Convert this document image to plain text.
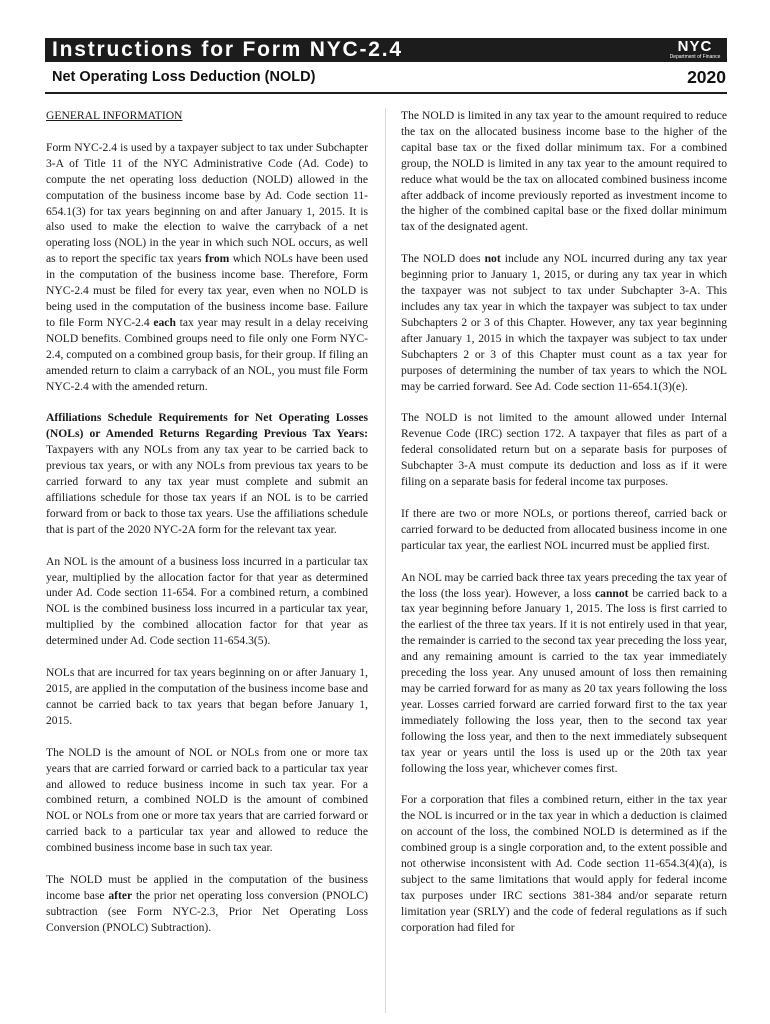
Instructions for Form NYC-2.4	NYC
Department of Finance
Net Operating Loss Deduction (NOLD)	2020

GENERAL INFORMATION

Form NYC-2.4 is used by a taxpayer subject to tax under Subchapter 3-A of Title 11 of the NYC Administrative Code (Ad. Code) to compute the net operating loss deduction (NOLD) allowed in the computation of the business income base by Ad. Code section 11-654.1(3) for tax years beginning on and after January 1, 2015. It is also used to make the election to waive the carryback of a net operating loss (NOL) in the year in which such NOL occurs, as well as to report the specific tax years from which NOLs have been used in the computation of the business income base. Therefore, Form NYC-2.4 must be filed for every tax year, even when no NOLD is being used in the computation of the business income base. Failure to file Form NYC-2.4 each tax year may result in a delay receiving NOLD benefits. Combined groups need to file only one Form NYC-2.4, computed on a combined group basis, for their group. If filing an amended return to claim a carryback of an NOL, you must file Form NYC-2.4 with the amended return.

Affiliations Schedule Requirements for Net Operating Losses (NOLs) or Amended Returns Regarding Previous Tax Years: Taxpayers with any NOLs from any tax year to be carried back to previous tax years, or with any NOLs from previous tax years to be carried forward to any tax year must complete and submit an affiliations schedule for those tax years if an NOL is to be carried forward from or back to those tax years. Use the affiliations schedule that is part of the 2020 NYC-2A form for the relevant tax year.

An NOL is the amount of a business loss incurred in a particular tax year, multiplied by the allocation factor for that year as determined under Ad. Code section 11-654. For a combined return, a combined NOL is the combined business loss incurred in a particular tax year, multiplied by the combined allocation factor for that year as determined under Ad. Code section 11-654.3(5).

NOLs that are incurred for tax years beginning on or after January 1, 2015, are applied in the computation of the business income base and cannot be carried back to tax years that began before January 1, 2015.

The NOLD is the amount of NOL or NOLs from one or more tax years that are carried forward or carried back to a particular tax year and allowed to reduce business income in such tax year. For a combined return, a combined NOLD is the amount of combined NOL or NOLs from one or more tax years that are carried forward or carried back to a particular tax year and allowed to reduce the combined business income base in such tax year.

The NOLD must be applied in the computation of the business income base after the prior net operating loss conversion (PNOLC) subtraction (see Form NYC-2.3, Prior Net Operating Loss Conversion (PNOLC) Subtraction).

The NOLD is limited in any tax year to the amount required to reduce the tax on the allocated business income base to the higher of the capital base tax or the fixed dollar minimum tax. For a combined group, the NOLD is limited in any tax year to the amount required to reduce what would be the tax on allocated combined business income after addback of income previously reported as investment income to the higher of the combined capital base or the fixed dollar minimum tax of the designated agent.

The NOLD does not include any NOL incurred during any tax year beginning prior to January 1, 2015, or during any tax year in which the taxpayer was not subject to tax under Subchapter 3-A. This includes any tax year in which the taxpayer was subject to tax under Subchapters 2 or 3 of this Chapter. However, any tax year beginning after January 1, 2015 in which the taxpayer was subject to tax under Subchapters 2 or 3 of this Chapter must count as a tax year for purposes of determining the number of tax years to which the NOL may be carried forward. See Ad. Code section 11-654.1(3)(e).

The NOLD is not limited to the amount allowed under Internal Revenue Code (IRC) section 172. A taxpayer that files as part of a federal consolidated return but on a separate basis for purposes of Subchapter 3-A must compute its deduction and loss as if it were filing on a separate basis for federal income tax purposes.

If there are two or more NOLs, or portions thereof, carried back or carried forward to be deducted from allocated business income in one particular tax year, the earliest NOL incurred must be applied first.

An NOL may be carried back three tax years preceding the tax year of the loss (the loss year). However, a loss cannot be carried back to a tax year beginning before January 1, 2015. The loss is first carried to the earliest of the three tax years. If it is not entirely used in that year, the remainder is carried to the second tax year preceding the loss year, and any remaining amount is carried to the tax year immediately preceding the loss year. Any unused amount of loss then remaining may be carried forward for as many as 20 tax years following the loss year. Losses carried forward are carried forward first to the tax year immediately following the loss year, then to the second tax year following the loss year, and then to the next immediately subsequent tax year or years until the loss is used up or the 20th tax year following the loss year, whichever comes first.

For a corporation that files a combined return, either in the tax year the NOL is incurred or in the tax year in which a deduction is claimed on account of the loss, the combined NOLD is determined as if the combined group is a single corporation and, to the extent possible and not otherwise inconsistent with Ad. Code section 11-654.3(4)(a), is subject to the same limitations that would apply for federal income tax purposes under IRC sections 381-384 and/or separate return limitation year (SRLY) and the code of federal regulations as if such corporation had filed for
